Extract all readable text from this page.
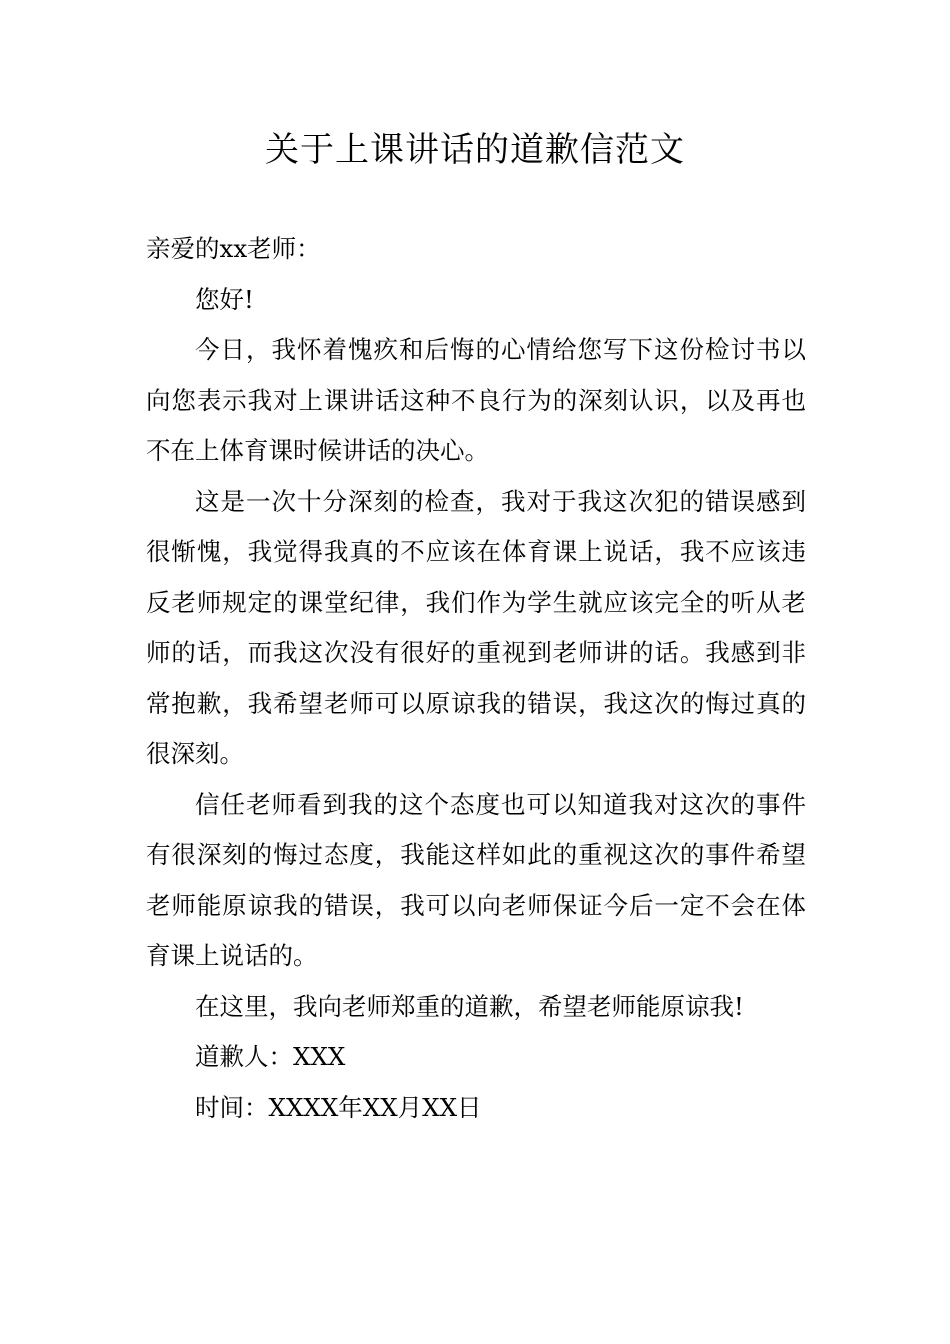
关于上课讲话的道歉信范文

亲爱的xx老师：

您好!

今日，我怀着愧疚和后悔的心情给您写下这份检讨书以向您表示我对上课讲话这种不良行为的深刻认识，以及再也不在上体育课时候讲话的决心。

这是一次十分深刻的检查，我对于我这次犯的错误感到很惭愧，我觉得我真的不应该在体育课上说话，我不应该违反老师规定的课堂纪律，我们作为学生就应该完全的听从老师的话，而我这次没有很好的重视到老师讲的话。我感到非常抱歉，我希望老师可以原谅我的错误，我这次的悔过真的很深刻。

信任老师看到我的这个态度也可以知道我对这次的事件有很深刻的悔过态度，我能这样如此的重视这次的事件希望老师能原谅我的错误，我可以向老师保证今后一定不会在体育课上说话的。

在这里，我向老师郑重的道歉，希望老师能原谅我!

道歉人：XXX

时间：XXXX年XX月XX日
